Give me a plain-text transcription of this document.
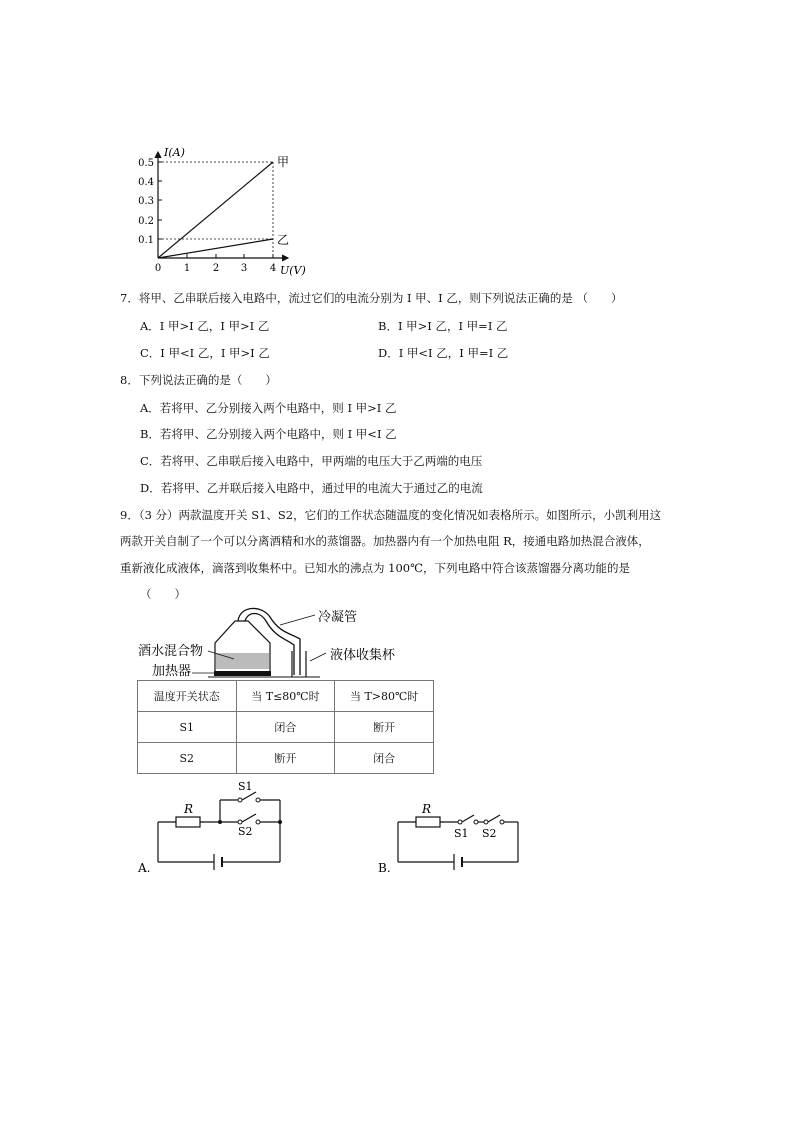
I(A)
U(V)
0.5
0.4
0.3
0.2
0.1
0 1 2 3 4
甲
乙
7．将甲、乙串联后接入电路中，流过它们的电流分别为 I 甲、I 乙，则下列说法正确的是 （　　）
A．I 甲>I 乙，I 甲>I 乙	B．I 甲>I 乙，I 甲=I 乙
C．I 甲<I 乙，I 甲>I 乙	D．I 甲<I 乙，I 甲=I 乙
8．下列说法正确的是（　　）
A．若将甲、乙分别接入两个电路中，则 I 甲>I 乙
B．若将甲、乙分别接入两个电路中，则 I 甲<I 乙
C．若将甲、乙串联后接入电路中，甲两端的电压大于乙两端的电压
D．若将甲、乙并联后接入电路中，通过甲的电流大于通过乙的电流
9．（3 分）两款温度开关 S1、S2，它们的工作状态随温度的变化情况如表格所示。如图所示，小凯利用这
两款开关自制了一个可以分离酒精和水的蒸馏器。加热器内有一个加热电阻 R，接通电路加热混合液体，
重新液化成液体，滴落到收集杯中。已知水的沸点为 100℃，下列电路中符合该蒸馏器分离功能的是
（　　）
冷凝管
酒水混合物
加热器
液体收集杯
温度开关状态	当 T≤80℃时	当 T>80℃时
S1	闭合	断开
S2	断开	闭合
R
S1
S2
A.
R
S1 S2
B.
